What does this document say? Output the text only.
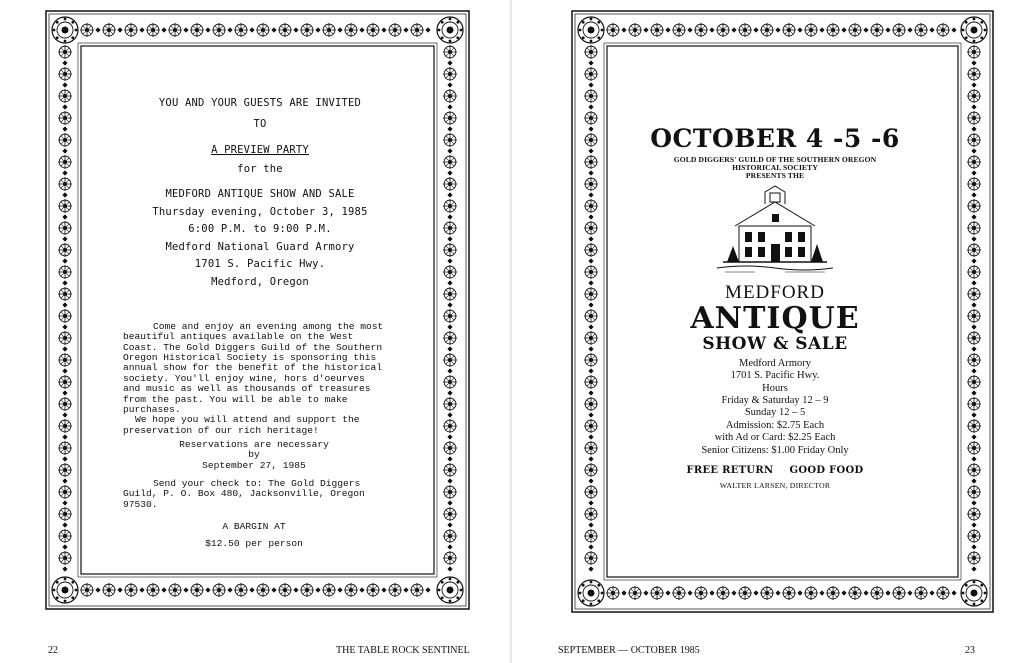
YOU AND YOUR GUESTS ARE INVITED

TO

A PREVIEW PARTY

for the

MEDFORD ANTIQUE SHOW AND SALE

Thursday evening, October 3, 1985

6:00 P.M. to 9:00 P.M.

Medford National Guard Armory

1701 S. Pacific Hwy.

Medford, Oregon

Come and enjoy an evening among the most beautiful antiques available on the West Coast. The Gold Diggers Guild of the Southern Oregon Historical Society is sponsoring this annual show for the benefit of the historical society. You'll enjoy wine, hors d'oeurves and music as well as thousands of treasures from the past. You will be able to make purchases.

We hope you will attend and support the preservation of our rich heritage!

Reservations are necessary

by

September 27, 1985

Send your check to: The Gold Diggers Guild, P. O. Box 480, Jacksonville, Oregon 97530.

A BARGIN AT

$12.50 per person

22	THE TABLE ROCK SENTINEL
OCTOBER 4 -5 -6
GOLD DIGGERS' GUILD OF THE SOUTHERN OREGON
HISTORICAL SOCIETY
PRESENTS THE
MEDFORD
ANTIQUE
SHOW & SALE
Medford Armory
1701 S. Pacific Hwy.
Hours
Friday & Saturday 12 – 9
Sunday 12 – 5
Admission: $2.75 Each
with Ad or Card: $2.25 Each
Senior Citizens: $1.00 Friday Only
FREE RETURN GOOD FOOD
WALTER LARSEN, DIRECTOR
SEPTEMBER — OCTOBER 1985	23
